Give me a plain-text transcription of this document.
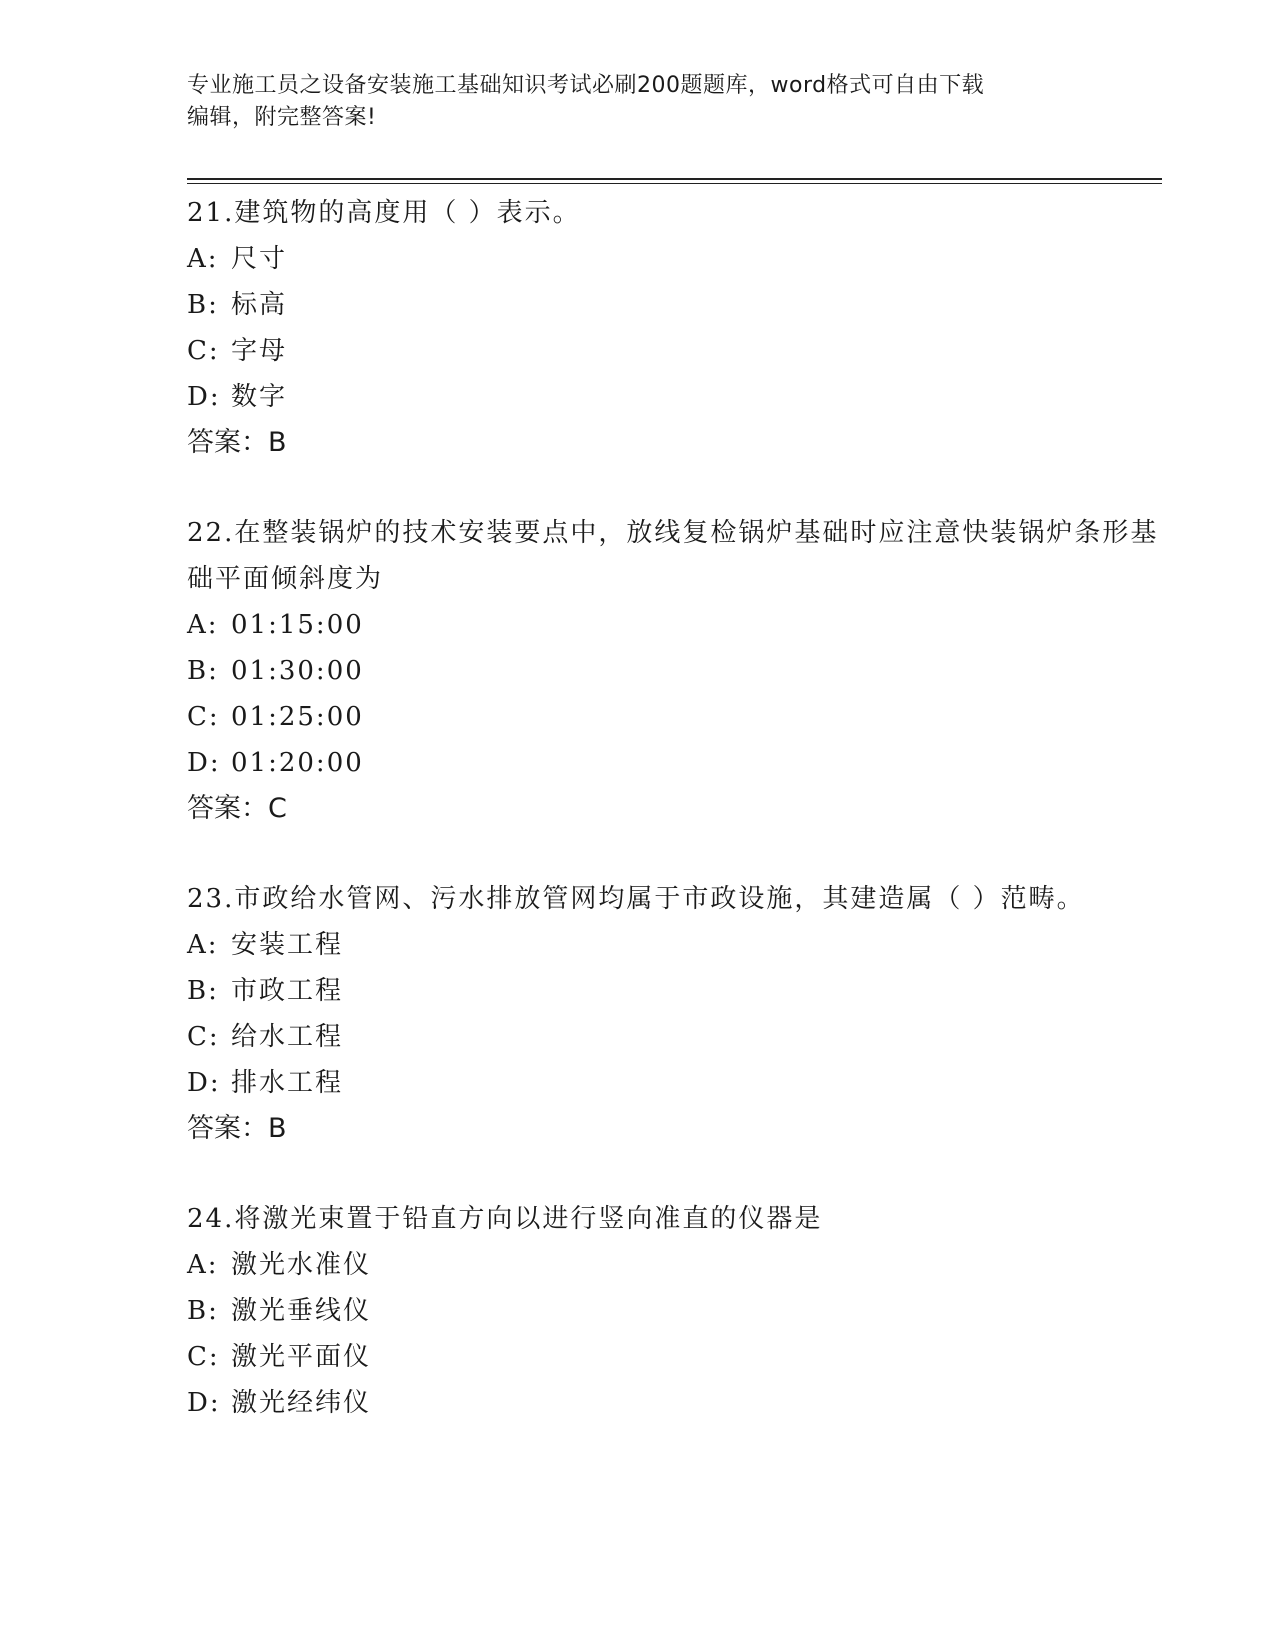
专业施工员之设备安装施工基础知识考试必刷200题题库，word格式可自由下载
编辑，附完整答案!

21.建筑物的高度用（ ）表示。

A: 尺寸

B: 标高

C: 字母

D: 数字

答案：B

22.在整装锅炉的技术安装要点中，放线复检锅炉基础时应注意快装锅炉条形基础平面倾斜度为

A: 01:15:00

B: 01:30:00

C: 01:25:00

D: 01:20:00

答案：C

23.市政给水管网、污水排放管网均属于市政设施，其建造属（ ）范畴。

A: 安装工程

B: 市政工程

C: 给水工程

D: 排水工程

答案：B

24.将激光束置于铅直方向以进行竖向准直的仪器是

A: 激光水准仪

B: 激光垂线仪

C: 激光平面仪

D: 激光经纬仪
